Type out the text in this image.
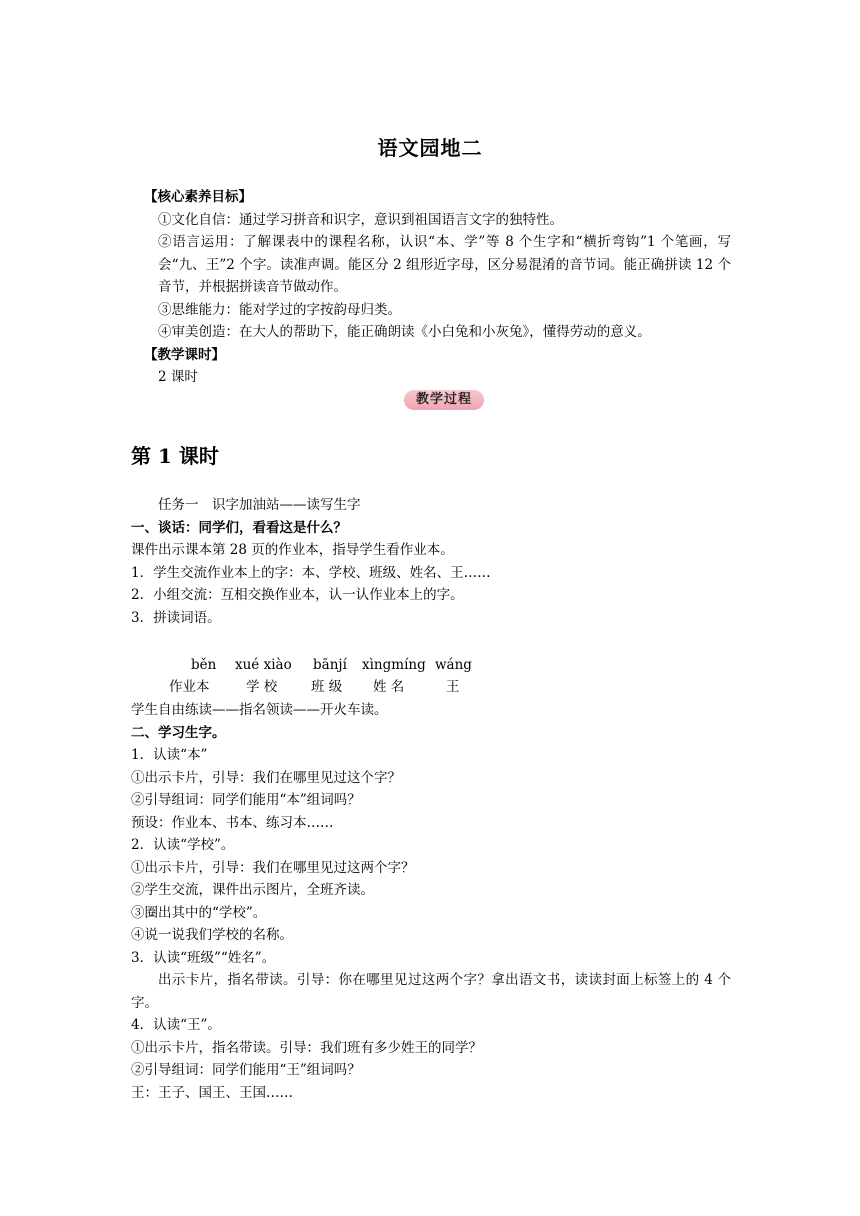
语文园地二
【核心素养目标】
①文化自信：通过学习拼音和识字，意识到祖国语言文字的独特性。
②语言运用：了解课表中的课程名称，认识“本、学”等 8 个生字和“横折弯钩”1 个笔画，写会“九、王”2 个字。读准声调。能区分 2 组形近字母，区分易混淆的音节词。能正确拼读 12 个音节，并根据拼读音节做动作。
③思维能力：能对学过的字按韵母归类。
④审美创造：在大人的帮助下，能正确朗读《小白兔和小灰兔》，懂得劳动的意义。
【教学课时】
2 课时
教学过程
第 1 课时
任务一　识字加油站——读写生字
一、谈话：同学们，看看这是什么？
课件出示课本第 28 页的作业本，指导学生看作业本。
1．学生交流作业本上的字：本、学校、班级、姓名、王……
2．小组交流：互相交换作业本，认一认作业本上的字。
3．拼读词语。
běn xué xiào bānjí xìngmíng wáng
作业本	学 校 班 级 姓 名	王
学生自由练读——指名领读——开火车读。
二、学习生字。
1．认读“本”
①出示卡片，引导：我们在哪里见过这个字？
②引导组词：同学们能用“本”组词吗？
预设：作业本、书本、练习本……
2．认读“学校”。
①出示卡片，引导：我们在哪里见过这两个字？
②学生交流，课件出示图片，全班齐读。
③圈出其中的“学校”。
④说一说我们学校的名称。
3．认读“班级”“姓名”。
出示卡片，指名带读。引导：你在哪里见过这两个字？拿出语文书，读读封面上标签上的 4 个字。
4．认读“王”。
①出示卡片，指名带读。引导：我们班有多少姓王的同学？
②引导组词：同学们能用“王”组词吗？
王：王子、国王、王国……
